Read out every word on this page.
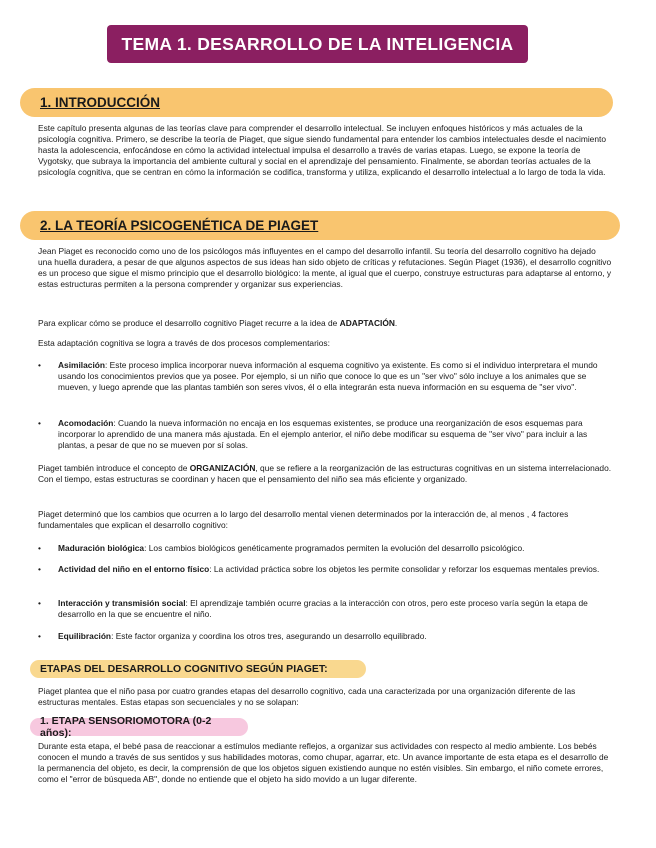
TEMA 1. DESARROLLO DE LA INTELIGENCIA
1. INTRODUCCIÓN

Este capítulo presenta algunas de las teorías clave para comprender el desarrollo intelectual. Se incluyen enfoques históricos y más actuales de la psicología cognitiva. Primero, se describe la teoría de Piaget, que sigue siendo fundamental para entender los cambios intelectuales desde el nacimiento hasta la adolescencia, enfocándose en cómo la actividad intelectual impulsa el desarrollo a través de varias etapas. Luego, se expone la teoría de Vygotsky, que subraya la importancia del ambiente cultural y social en el aprendizaje del pensamiento. Finalmente, se abordan teorías actuales de la psicología cognitiva, que se centran en cómo la información se codifica, transforma y utiliza, explicando el desarrollo intelectual a lo largo de toda la vida.

2. LA TEORÍA PSICOGENÉTICA DE PIAGET

Jean Piaget es reconocido como uno de los psicólogos más influyentes en el campo del desarrollo infantil. Su teoría del desarrollo cognitivo ha dejado una huella duradera, a pesar de que algunos aspectos de sus ideas han sido objeto de críticas y refutaciones. Según Piaget (1936), el desarrollo cognitivo es un proceso que sigue el mismo principio que el desarrollo biológico: la mente, al igual que el cuerpo, construye estructuras para adaptarse al entorno, y estas estructuras permiten a la persona comprender y organizar sus experiencias.

Para explicar cómo se produce el desarrollo cognitivo Piaget recurre a la idea de ADAPTACIÓN.

Esta adaptación cognitiva se logra a través de dos procesos complementarios:

• Asimilación: Este proceso implica incorporar nueva información al esquema cognitivo ya existente. Es como si el individuo interpretara el mundo usando los conocimientos previos que ya posee. Por ejemplo, si un niño que conoce lo que es un "ser vivo" sólo incluye a los animales que se mueven, y luego aprende que las plantas también son seres vivos, él o ella integrarán esta nueva información en su esquema de "ser vivo".
• Acomodación: Cuando la nueva información no encaja en los esquemas existentes, se produce una reorganización de esos esquemas para incorporar lo aprendido de una manera más ajustada. En el ejemplo anterior, el niño debe modificar su esquema de "ser vivo" para incluir a las plantas, a pesar de que no se mueven por sí solas.

Piaget también introduce el concepto de ORGANIZACIÓN, que se refiere a la reorganización de las estructuras cognitivas en un sistema interrelacionado. Con el tiempo, estas estructuras se coordinan y hacen que el pensamiento del niño sea más eficiente y organizado.

Piaget determinó que los cambios que ocurren a lo largo del desarrollo mental vienen determinados por la interacción de, al menos , 4 factores fundamentales que explican el desarrollo cognitivo:

• Maduración biológica: Los cambios biológicos genéticamente programados permiten la evolución del desarrollo psicológico.
• Actividad del niño en el entorno físico: La actividad práctica sobre los objetos les permite consolidar y reforzar los esquemas mentales previos.
• Interacción y transmisión social: El aprendizaje también ocurre gracias a la interacción con otros, pero este proceso varía según la etapa de desarrollo en la que se encuentre el niño.
• Equilibración: Este factor organiza y coordina los otros tres, asegurando un desarrollo equilibrado.
ETAPAS DEL DESARROLLO COGNITIVO SEGÚN PIAGET:

Piaget plantea que el niño pasa por cuatro grandes etapas del desarrollo cognitivo, cada una caracterizada por una organización diferente de las estructuras mentales. Estas etapas son secuenciales y no se solapan:

1. ETAPA SENSORIOMOTORA (0-2 años):

Durante esta etapa, el bebé pasa de reaccionar a estímulos mediante reflejos, a organizar sus actividades con respecto al medio ambiente. Los bebés conocen el mundo a través de sus sentidos y sus habilidades motoras, como chupar, agarrar, etc. Un avance importante de esta etapa es el desarrollo de la permanencia del objeto, es decir, la comprensión de que los objetos siguen existiendo aunque no estén visibles. Sin embargo, el niño comete errores, como el "error de búsqueda AB", donde no entiende que el objeto ha sido movido a un lugar diferente.
